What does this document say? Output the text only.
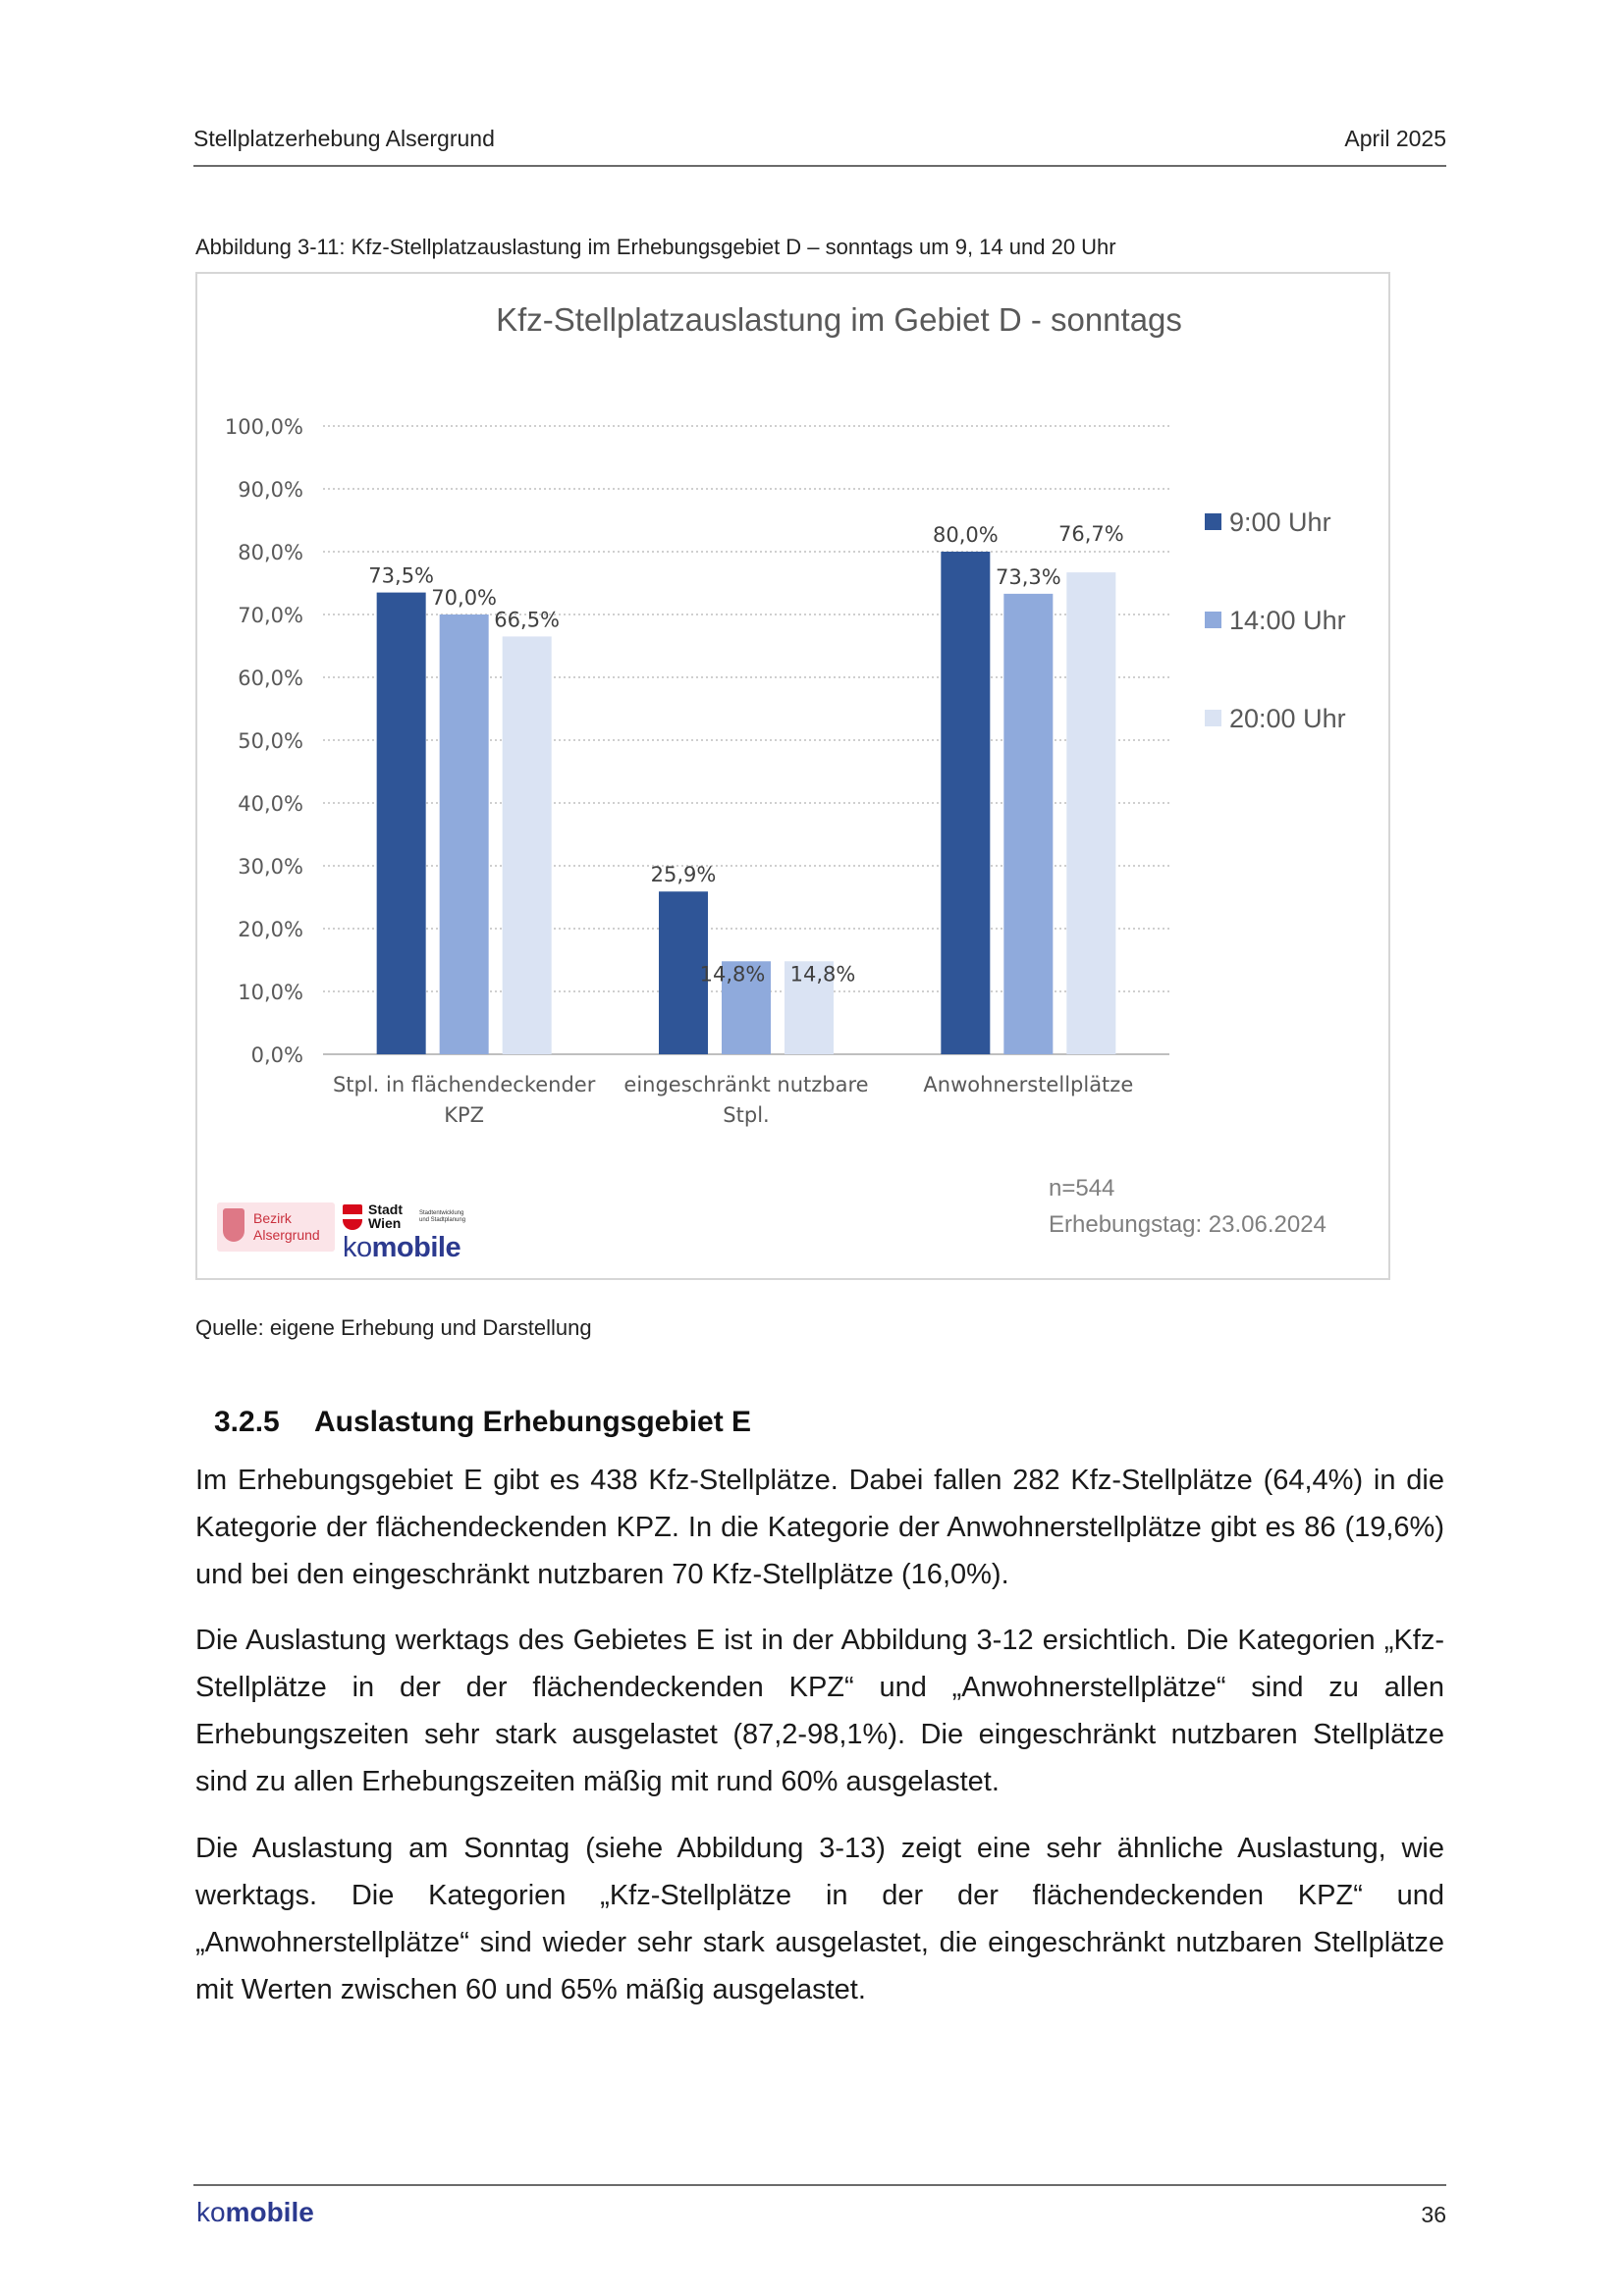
Stellplatzerhebung Alsergrund	April 2025
Abbildung 3-11: Kfz-Stellplatzauslastung im Erhebungsgebiet D – sonntags um 9, 14 und 20 Uhr
Kfz-Stellplatzauslastung im Gebiet D - sonntags
0,0%
10,0%
20,0%
30,0%
40,0%
50,0%
60,0%
70,0%
80,0%
90,0%
100,0%
73,5%
70,0%
66,5%
Stpl. in flächendeckender
KPZ
25,9%
14,8% 14,8%
eingeschränkt nutzbare
Stpl.
80,0%
73,3%
76,7%
Anwohnerstellplätze
9:00 Uhr
14:00 Uhr
20:00 Uhr
n=544
Erhebungstag: 23.06.2024
Bezirk
Alsergrund
Stadt
Wien
Stadtentwicklung
und Stadtplanung
komobile
Quelle: eigene Erhebung und Darstellung
3.2.5 Auslastung Erhebungsgebiet E

Im Erhebungsgebiet E gibt es 438 Kfz-Stellplätze. Dabei fallen 282 Kfz-Stellplätze (64,4%) in die Kategorie der flächendeckenden KPZ. In die Kategorie der Anwohnerstellplätze gibt es 86 (19,6%) und bei den eingeschränkt nutzbaren 70 Kfz-Stellplätze (16,0%).

Die Auslastung werktags des Gebietes E ist in der Abbildung 3-12 ersichtlich. Die Kategorien „Kfz-Stellplätze in der der flächendeckenden KPZ“ und „Anwohnerstellplätze“ sind zu allen Erhebungszeiten sehr stark ausgelastet (87,2-98,1%). Die eingeschränkt nutzbaren Stellplätze sind zu allen Erhebungszeiten mäßig mit rund 60% ausgelastet.

Die Auslastung am Sonntag (siehe Abbildung 3-13) zeigt eine sehr ähnliche Auslastung, wie werktags. Die Kategorien „Kfz-Stellplätze in der der flächendeckenden KPZ“ und „Anwohnerstellplätze“ sind wieder sehr stark ausgelastet, die eingeschränkt nutzbaren Stellplätze mit Werten zwischen 60 und 65% mäßig ausgelastet.

komobile	36
